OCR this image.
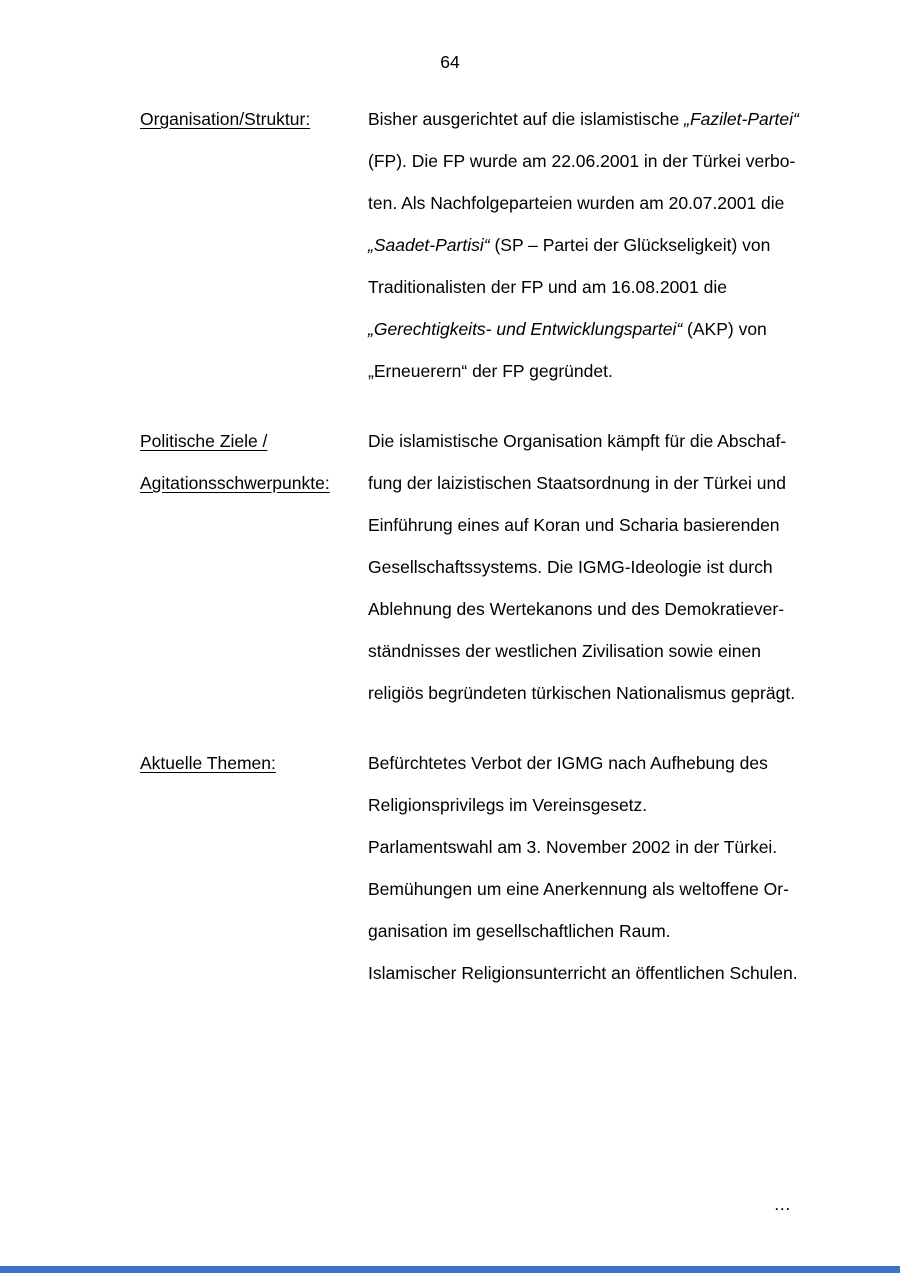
64
Organisation/Struktur:	Bisher ausgerichtet auf die islamistische „Fazilet-Partei“
(FP). Die FP wurde am 22.06.2001 in der Türkei verbo-
ten. Als Nachfolgeparteien wurden am 20.07.2001 die
„Saadet-Partisi“ (SP – Partei der Glückseligkeit) von
Traditionalisten der FP und am 16.08.2001 die
„Gerechtigkeits- und Entwicklungspartei“ (AKP) von
„Erneuerern“ der FP gegründet.
Politische Ziele /
Agitationsschwerpunkte:
Die islamistische Organisation kämpft für die Abschaf-
fung der laizistischen Staatsordnung in der Türkei und
Einführung eines auf Koran und Scharia basierenden
Gesellschaftssystems. Die IGMG-Ideologie ist durch
Ablehnung des Wertekanons und des Demokratiever-
ständnisses der westlichen Zivilisation sowie einen
religiös begründeten türkischen Nationalismus geprägt.
Aktuelle Themen:	Befürchtetes Verbot der IGMG nach Aufhebung des
Religionsprivilegs im Vereinsgesetz.
Parlamentswahl am 3. November 2002 in der Türkei.
Bemühungen um eine Anerkennung als weltoffene Or-
ganisation im gesellschaftlichen Raum.
Islamischer Religionsunterricht an öffentlichen Schulen.
…
